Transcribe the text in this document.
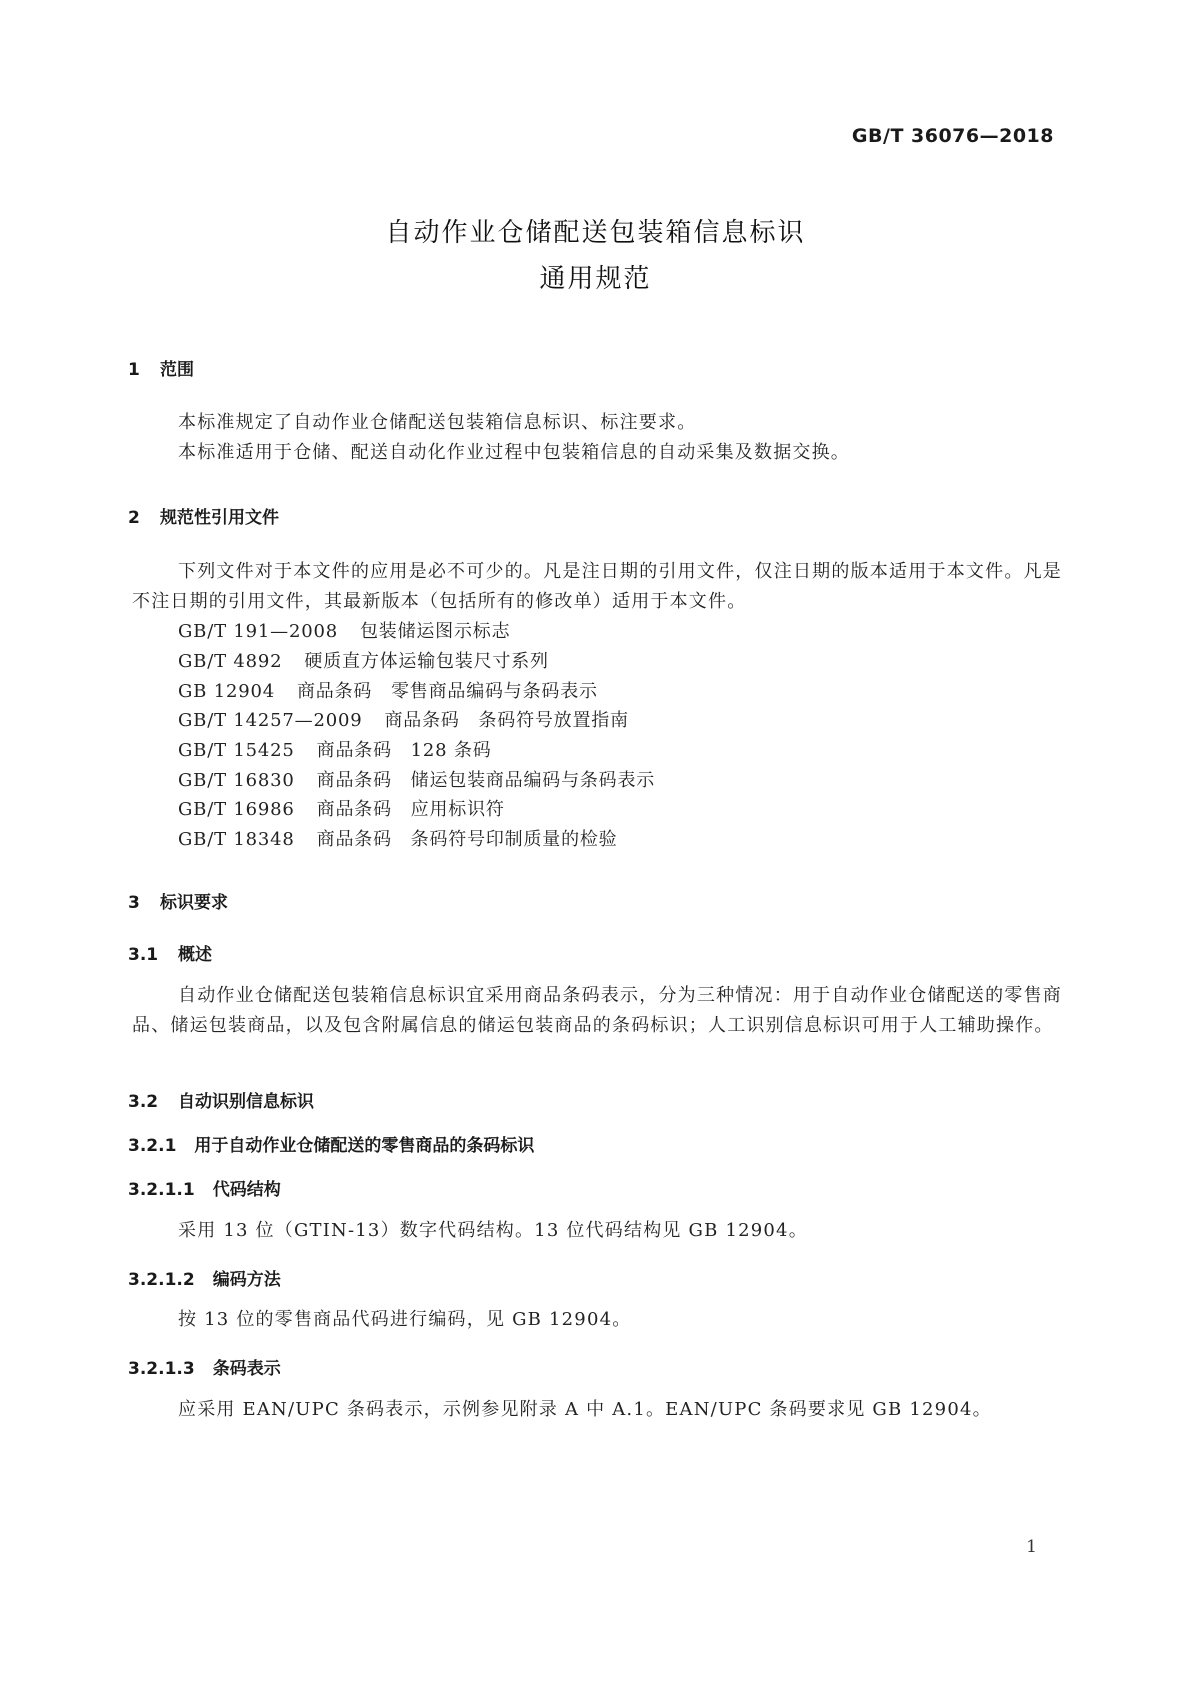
GB/T 36076—2018
自动作业仓储配送包装箱信息标识
通用规范
1 范围
本标准规定了自动作业仓储配送包装箱信息标识、标注要求。
本标准适用于仓储、配送自动化作业过程中包装箱信息的自动采集及数据交换。
2 规范性引用文件
下列文件对于本文件的应用是必不可少的。凡是注日期的引用文件，仅注日期的版本适用于本文件。凡是不注日期的引用文件，其最新版本（包括所有的修改单）适用于本文件。
GB/T 191—2008 包装储运图示标志
GB/T 4892 硬质直方体运输包装尺寸系列
GB 12904 商品条码　零售商品编码与条码表示
GB/T 14257—2009 商品条码　条码符号放置指南
GB/T 15425 商品条码　128 条码
GB/T 16830 商品条码　储运包装商品编码与条码表示
GB/T 16986 商品条码　应用标识符
GB/T 18348 商品条码　条码符号印制质量的检验
3 标识要求
3.1 概述
自动作业仓储配送包装箱信息标识宜采用商品条码表示，分为三种情况：用于自动作业仓储配送的零售商品、储运包装商品，以及包含附属信息的储运包装商品的条码标识；人工识别信息标识可用于人工辅助操作。
3.2 自动识别信息标识
3.2.1 用于自动作业仓储配送的零售商品的条码标识
3.2.1.1 代码结构
采用 13 位（GTIN-13）数字代码结构。13 位代码结构见 GB 12904。
3.2.1.2 编码方法
按 13 位的零售商品代码进行编码，见 GB 12904。
3.2.1.3 条码表示
应采用 EAN/UPC 条码表示，示例参见附录 A 中 A.1。EAN/UPC 条码要求见 GB 12904。
1
